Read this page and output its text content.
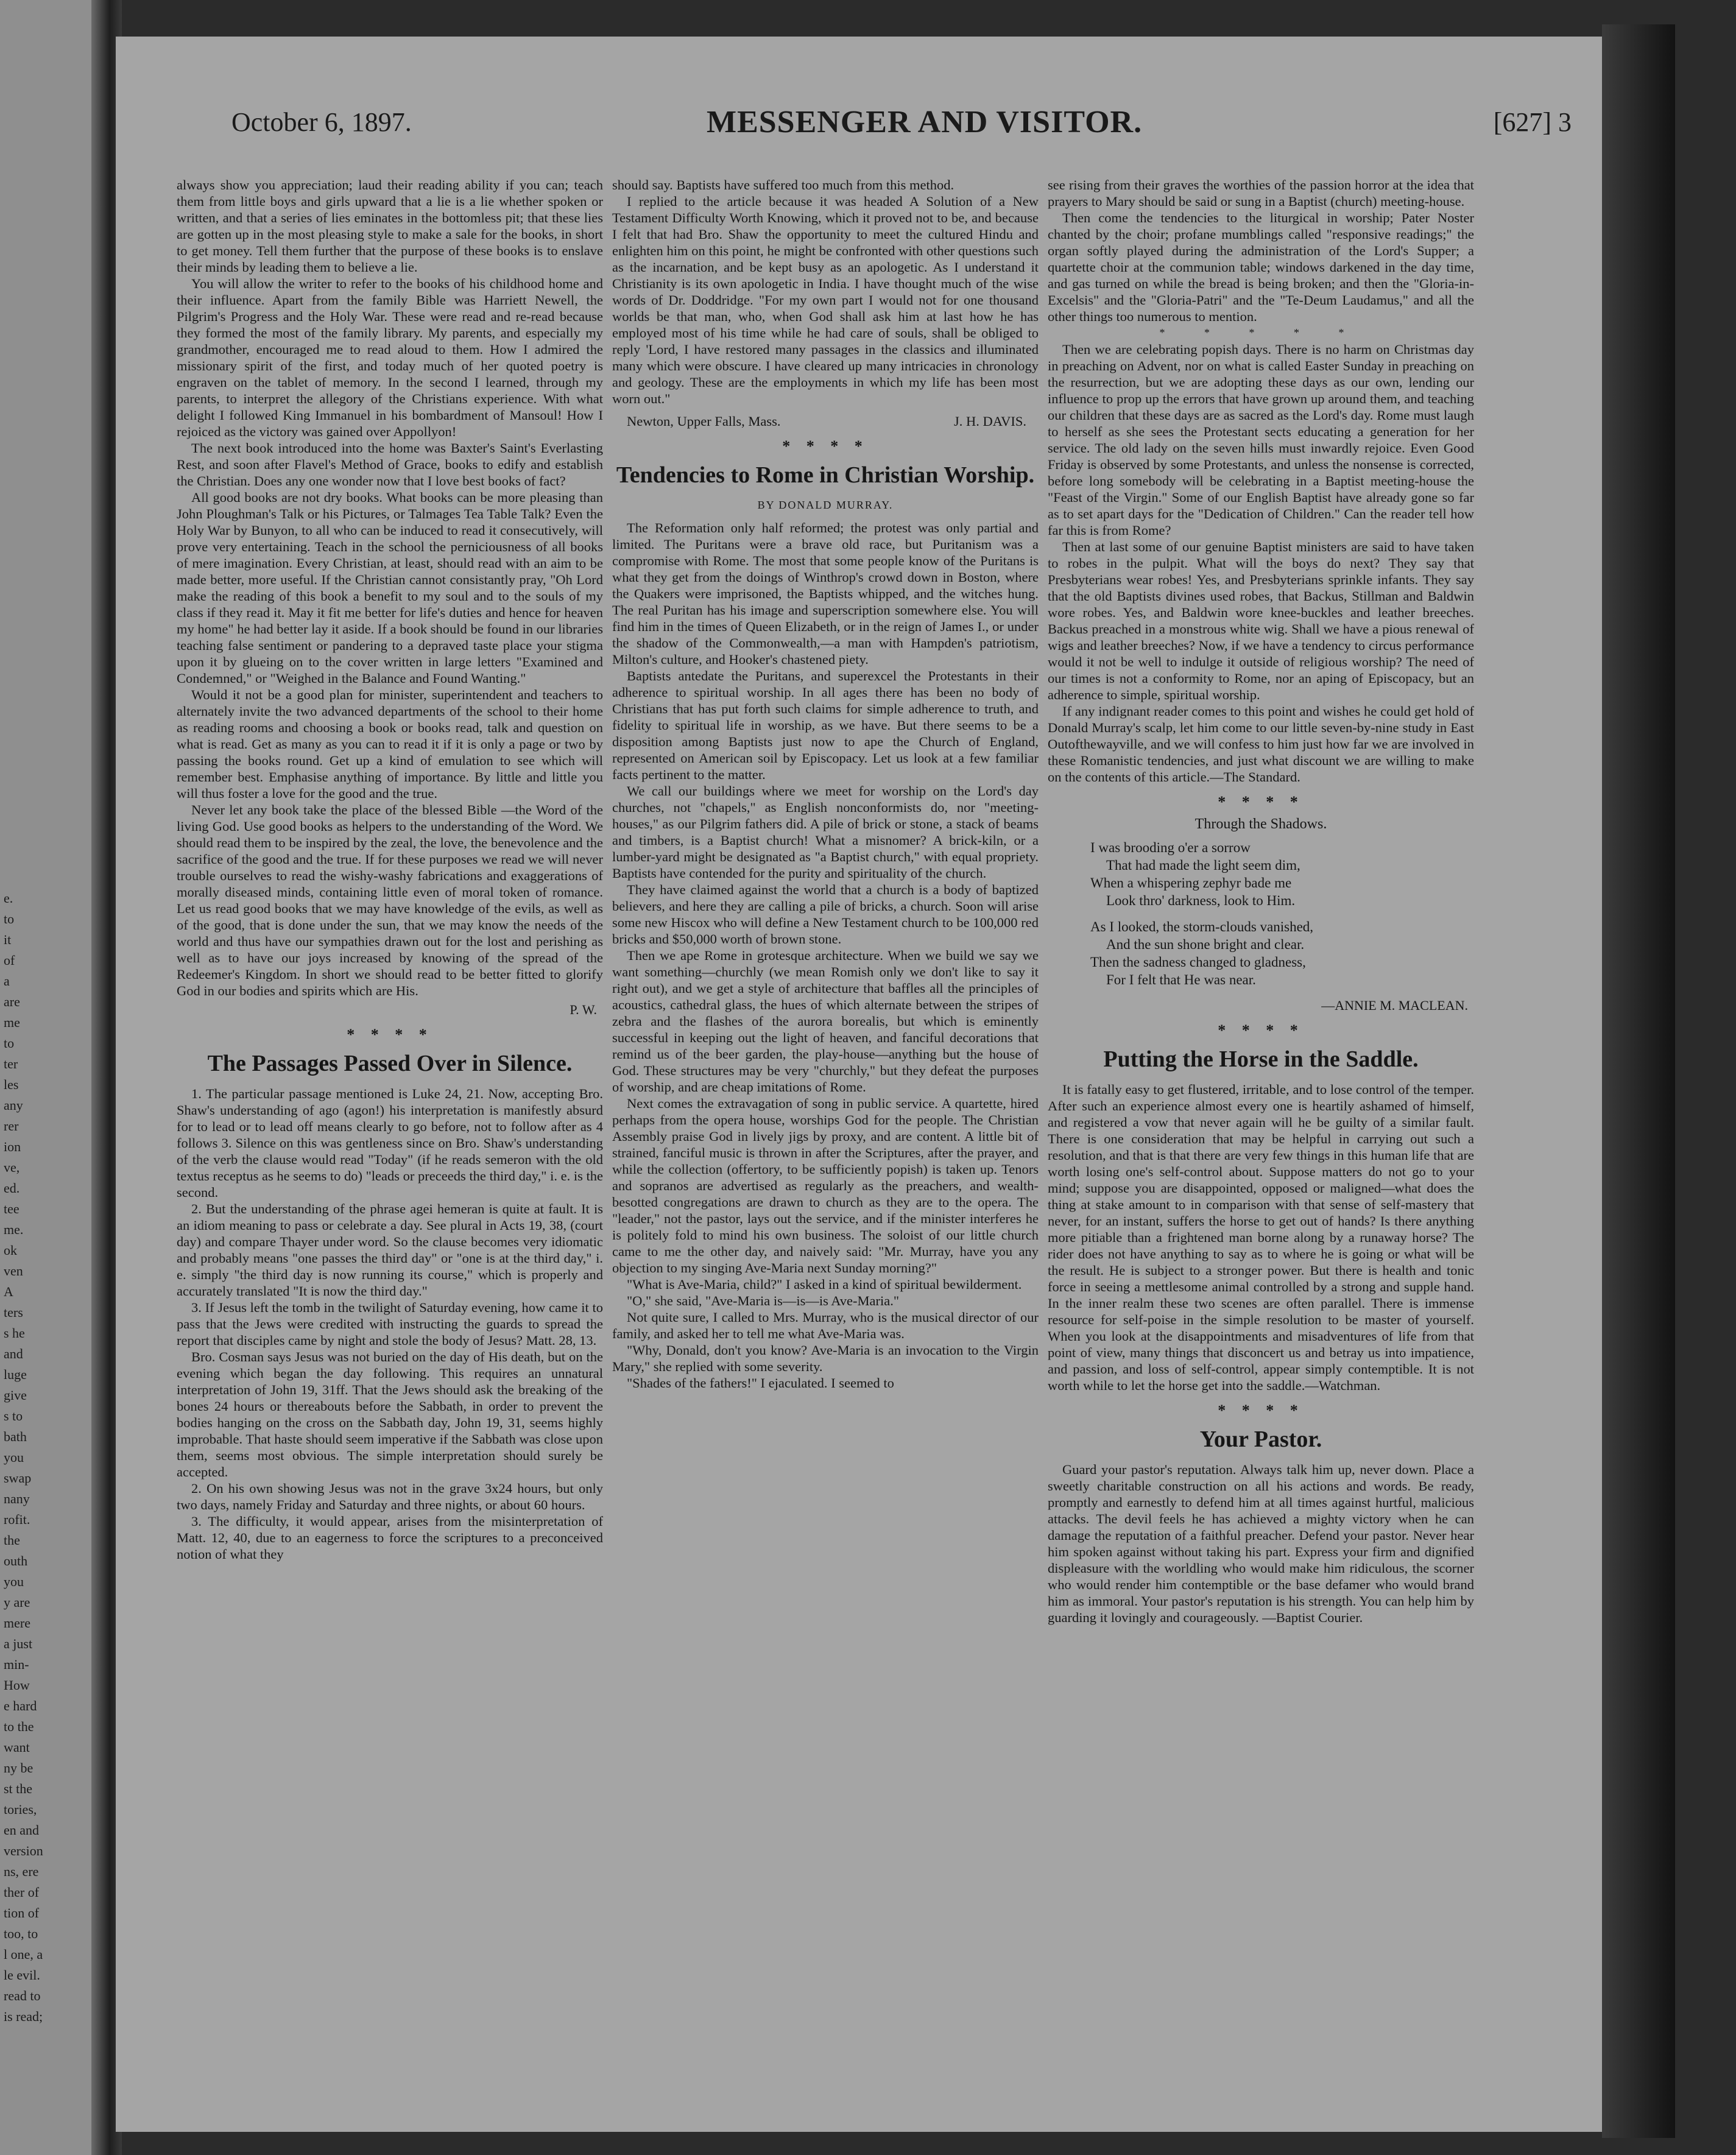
e.
to
it
of
a
are
me
to
ter
les
any
rer
ion
ve,
ed.
tee
me.
ok
ven
A
ters
s he
and
luge
give
s to
bath
you
swap
nany
rofit.
the
outh
you
y are
mere
a just
min-
How
e hard
to the
want
ny be
st the
tories,
en and
version
ns, ere
ther of
tion of
too, to
l one, a
le evil.
read to
is read;
October 6, 1897.	MESSENGER AND VISITOR.	[627] 3

always show you appreciation; laud their reading ability if you can; teach them from little boys and girls upward that a lie is a lie whether spoken or written, and that a series of lies eminates in the bottomless pit; that these lies are gotten up in the most pleasing style to make a sale for the books, in short to get money. Tell them further that the purpose of these books is to enslave their minds by leading them to believe a lie.

You will allow the writer to refer to the books of his childhood home and their influence. Apart from the family Bible was Harriett Newell, the Pilgrim's Progress and the Holy War. These were read and re-read because they formed the most of the family library. My parents, and especially my grandmother, encouraged me to read aloud to them. How I admired the missionary spirit of the first, and today much of her quoted poetry is engraven on the tablet of memory. In the second I learned, through my parents, to interpret the allegory of the Christians experience. With what delight I followed King Immanuel in his bombardment of Mansoul! How I rejoiced as the victory was gained over Appollyon!

The next book introduced into the home was Baxter's Saint's Everlasting Rest, and soon after Flavel's Method of Grace, books to edify and establish the Christian. Does any one wonder now that I love best books of fact?

All good books are not dry books. What books can be more pleasing than John Ploughman's Talk or his Pictures, or Talmages Tea Table Talk? Even the Holy War by Bunyon, to all who can be induced to read it consecutively, will prove very entertaining. Teach in the school the perniciousness of all books of mere imagination. Every Christian, at least, should read with an aim to be made better, more useful. If the Christian cannot consistantly pray, "Oh Lord make the reading of this book a benefit to my soul and to the souls of my class if they read it. May it fit me better for life's duties and hence for heaven my home" he had better lay it aside. If a book should be found in our libraries teaching false sentiment or pandering to a depraved taste place your stigma upon it by glueing on to the cover written in large letters "Examined and Condemned," or "Weighed in the Balance and Found Wanting."

Would it not be a good plan for minister, superintendent and teachers to alternately invite the two advanced departments of the school to their home as reading rooms and choosing a book or books read, talk and question on what is read. Get as many as you can to read it if it is only a page or two by passing the books round. Get up a kind of emulation to see which will remember best. Emphasise anything of importance. By little and little you will thus foster a love for the good and the true.

Never let any book take the place of the blessed Bible —the Word of the living God. Use good books as helpers to the understanding of the Word. We should read them to be inspired by the zeal, the love, the benevolence and the sacrifice of the good and the true. If for these purposes we read we will never trouble ourselves to read the wishy-washy fabrications and exaggerations of morally diseased minds, containing little even of moral token of romance. Let us read good books that we may have knowledge of the evils, as well as of the good, that is done under the sun, that we may know the needs of the world and thus have our sympathies drawn out for the lost and perishing as well as to have our joys increased by knowing of the spread of the Redeemer's Kingdom. In short we should read to be better fitted to glorify God in our bodies and spirits which are His.

P. W.
* * * *
The Passages Passed Over in Silence.

1. The particular passage mentioned is Luke 24, 21. Now, accepting Bro. Shaw's understanding of ago (agon!) his interpretation is manifestly absurd for to lead or to lead off means clearly to go before, not to follow after as 4 follows 3. Silence on this was gentleness since on Bro. Shaw's understanding of the verb the clause would read "Today" (if he reads semeron with the old textus receptus as he seems to do) "leads or preceeds the third day," i. e. is the second.

2. But the understanding of the phrase agei hemeran is quite at fault. It is an idiom meaning to pass or celebrate a day. See plural in Acts 19, 38, (court day) and compare Thayer under word. So the clause becomes very idiomatic and probably means "one passes the third day" or "one is at the third day," i. e. simply "the third day is now running its course," which is properly and accurately translated "It is now the third day."

3. If Jesus left the tomb in the twilight of Saturday evening, how came it to pass that the Jews were credited with instructing the guards to spread the report that disciples came by night and stole the body of Jesus? Matt. 28, 13.

Bro. Cosman says Jesus was not buried on the day of His death, but on the evening which began the day following. This requires an unnatural interpretation of John 19, 31ff. That the Jews should ask the breaking of the bones 24 hours or thereabouts before the Sabbath, in order to prevent the bodies hanging on the cross on the Sabbath day, John 19, 31, seems highly improbable. That haste should seem imperative if the Sabbath was close upon them, seems most obvious. The simple interpretation should surely be accepted.

2. On his own showing Jesus was not in the grave 3x24 hours, but only two days, namely Friday and Saturday and three nights, or about 60 hours.

3. The difficulty, it would appear, arises from the misinterpretation of Matt. 12, 40, due to an eagerness to force the scriptures to a preconceived notion of what they

should say. Baptists have suffered too much from this method.

I replied to the article because it was headed A Solution of a New Testament Difficulty Worth Knowing, which it proved not to be, and because I felt that had Bro. Shaw the opportunity to meet the cultured Hindu and enlighten him on this point, he might be confronted with other questions such as the incarnation, and be kept busy as an apologetic. As I understand it Christianity is its own apologetic in India. I have thought much of the wise words of Dr. Doddridge. "For my own part I would not for one thousand worlds be that man, who, when God shall ask him at last how he has employed most of his time while he had care of souls, shall be obliged to reply 'Lord, I have restored many passages in the classics and illuminated many which were obscure. I have cleared up many intricacies in chronology and geology. These are the employments in which my life has been most worn out."

Newton, Upper Falls, Mass.	J. H. DAVIS.
* * * *
Tendencies to Rome in Christian Worship.
BY DONALD MURRAY.

The Reformation only half reformed; the protest was only partial and limited. The Puritans were a brave old race, but Puritanism was a compromise with Rome. The most that some people know of the Puritans is what they get from the doings of Winthrop's crowd down in Boston, where the Quakers were imprisoned, the Baptists whipped, and the witches hung. The real Puritan has his image and superscription somewhere else. You will find him in the times of Queen Elizabeth, or in the reign of James I., or under the shadow of the Commonwealth,—a man with Hampden's patriotism, Milton's culture, and Hooker's chastened piety.

Baptists antedate the Puritans, and superexcel the Protestants in their adherence to spiritual worship. In all ages there has been no body of Christians that has put forth such claims for simple adherence to truth, and fidelity to spiritual life in worship, as we have. But there seems to be a disposition among Baptists just now to ape the Church of England, represented on American soil by Episcopacy. Let us look at a few familiar facts pertinent to the matter.

We call our buildings where we meet for worship on the Lord's day churches, not "chapels," as English nonconformists do, nor "meeting-houses," as our Pilgrim fathers did. A pile of brick or stone, a stack of beams and timbers, is a Baptist church! What a misnomer? A brick-kiln, or a lumber-yard might be designated as "a Baptist church," with equal propriety. Baptists have contended for the purity and spirituality of the church.

They have claimed against the world that a church is a body of baptized believers, and here they are calling a pile of bricks, a church. Soon will arise some new Hiscox who will define a New Testament church to be 100,000 red bricks and $50,000 worth of brown stone.

Then we ape Rome in grotesque architecture. When we build we say we want something—churchly (we mean Romish only we don't like to say it right out), and we get a style of architecture that baffles all the principles of acoustics, cathedral glass, the hues of which alternate between the stripes of zebra and the flashes of the aurora borealis, but which is eminently successful in keeping out the light of heaven, and fanciful decorations that remind us of the beer garden, the play-house—anything but the house of God. These structures may be very "churchly," but they defeat the purposes of worship, and are cheap imitations of Rome.

Next comes the extravagation of song in public service. A quartette, hired perhaps from the opera house, worships God for the people. The Christian Assembly praise God in lively jigs by proxy, and are content. A little bit of strained, fanciful music is thrown in after the Scriptures, after the prayer, and while the collection (offertory, to be sufficiently popish) is taken up. Tenors and sopranos are advertised as regularly as the preachers, and wealth-besotted congregations are drawn to church as they are to the opera. The "leader," not the pastor, lays out the service, and if the minister interferes he is politely fold to mind his own business. The soloist of our little church came to me the other day, and naively said: "Mr. Murray, have you any objection to my singing Ave-Maria next Sunday morning?"

"What is Ave-Maria, child?" I asked in a kind of spiritual bewilderment.

"O," she said, "Ave-Maria is—is—is Ave-Maria."

Not quite sure, I called to Mrs. Murray, who is the musical director of our family, and asked her to tell me what Ave-Maria was.

"Why, Donald, don't you know? Ave-Maria is an invocation to the Virgin Mary," she replied with some severity.

"Shades of the fathers!" I ejaculated. I seemed to

see rising from their graves the worthies of the passion horror at the idea that prayers to Mary should be said or sung in a Baptist (church) meeting-house.

Then come the tendencies to the liturgical in worship; Pater Noster chanted by the choir; profane mumblings called "responsive readings;" the organ softly played during the administration of the Lord's Supper; a quartette choir at the communion table; windows darkened in the day time, and gas turned on while the bread is being broken; and then the "Gloria-in-Excelsis" and the "Gloria-Patri" and the "Te-Deum Laudamus," and all the other things too numerous to mention.

* * * * *

Then we are celebrating popish days. There is no harm on Christmas day in preaching on Advent, nor on what is called Easter Sunday in preaching on the resurrection, but we are adopting these days as our own, lending our influence to prop up the errors that have grown up around them, and teaching our children that these days are as sacred as the Lord's day. Rome must laugh to herself as she sees the Protestant sects educating a generation for her service. The old lady on the seven hills must inwardly rejoice. Even Good Friday is observed by some Protestants, and unless the nonsense is corrected, before long somebody will be celebrating in a Baptist meeting-house the "Feast of the Virgin." Some of our English Baptist have already gone so far as to set apart days for the "Dedication of Children." Can the reader tell how far this is from Rome?

Then at last some of our genuine Baptist ministers are said to have taken to robes in the pulpit. What will the boys do next? They say that Presbyterians wear robes! Yes, and Presbyterians sprinkle infants. They say that the old Baptists divines used robes, that Backus, Stillman and Baldwin wore robes. Yes, and Baldwin wore knee-buckles and leather breeches. Backus preached in a monstrous white wig. Shall we have a pious renewal of wigs and leather breeches? Now, if we have a tendency to circus performance would it not be well to indulge it outside of religious worship? The need of our times is not a conformity to Rome, nor an aping of Episcopacy, but an adherence to simple, spiritual worship.

If any indignant reader comes to this point and wishes he could get hold of Donald Murray's scalp, let him come to our little seven-by-nine study in East Outofthewayville, and we will confess to him just how far we are involved in these Romanistic tendencies, and just what discount we are willing to make on the contents of this article.—The Standard.

* * * *
Through the Shadows.
I was brooding o'er a sorrow
That had made the light seem dim,
When a whispering zephyr bade me
Look thro' darkness, look to Him.
As I looked, the storm-clouds vanished,
And the sun shone bright and clear.
Then the sadness changed to gladness,
For I felt that He was near.
—ANNIE M. MACLEAN.
* * * *
Putting the Horse in the Saddle.

It is fatally easy to get flustered, irritable, and to lose control of the temper. After such an experience almost every one is heartily ashamed of himself, and registered a vow that never again will he be guilty of a similar fault. There is one consideration that may be helpful in carrying out such a resolution, and that is that there are very few things in this human life that are worth losing one's self-control about. Suppose matters do not go to your mind; suppose you are disappointed, opposed or maligned—what does the thing at stake amount to in comparison with that sense of self-mastery that never, for an instant, suffers the horse to get out of hands? Is there anything more pitiable than a frightened man borne along by a runaway horse? The rider does not have anything to say as to where he is going or what will be the result. He is subject to a stronger power. But there is health and tonic force in seeing a mettlesome animal controlled by a strong and supple hand. In the inner realm these two scenes are often parallel. There is immense resource for self-poise in the simple resolution to be master of yourself. When you look at the disappointments and misadventures of life from that point of view, many things that disconcert us and betray us into impatience, and passion, and loss of self-control, appear simply contemptible. It is not worth while to let the horse get into the saddle.—Watchman.

* * * *
Your Pastor.

Guard your pastor's reputation. Always talk him up, never down. Place a sweetly charitable construction on all his actions and words. Be ready, promptly and earnestly to defend him at all times against hurtful, malicious attacks. The devil feels he has achieved a mighty victory when he can damage the reputation of a faithful preacher. Defend your pastor. Never hear him spoken against without taking his part. Express your firm and dignified displeasure with the worldling who would make him ridiculous, the scorner who would render him contemptible or the base defamer who would brand him as immoral. Your pastor's reputation is his strength. You can help him by guarding it lovingly and courageously. —Baptist Courier.
